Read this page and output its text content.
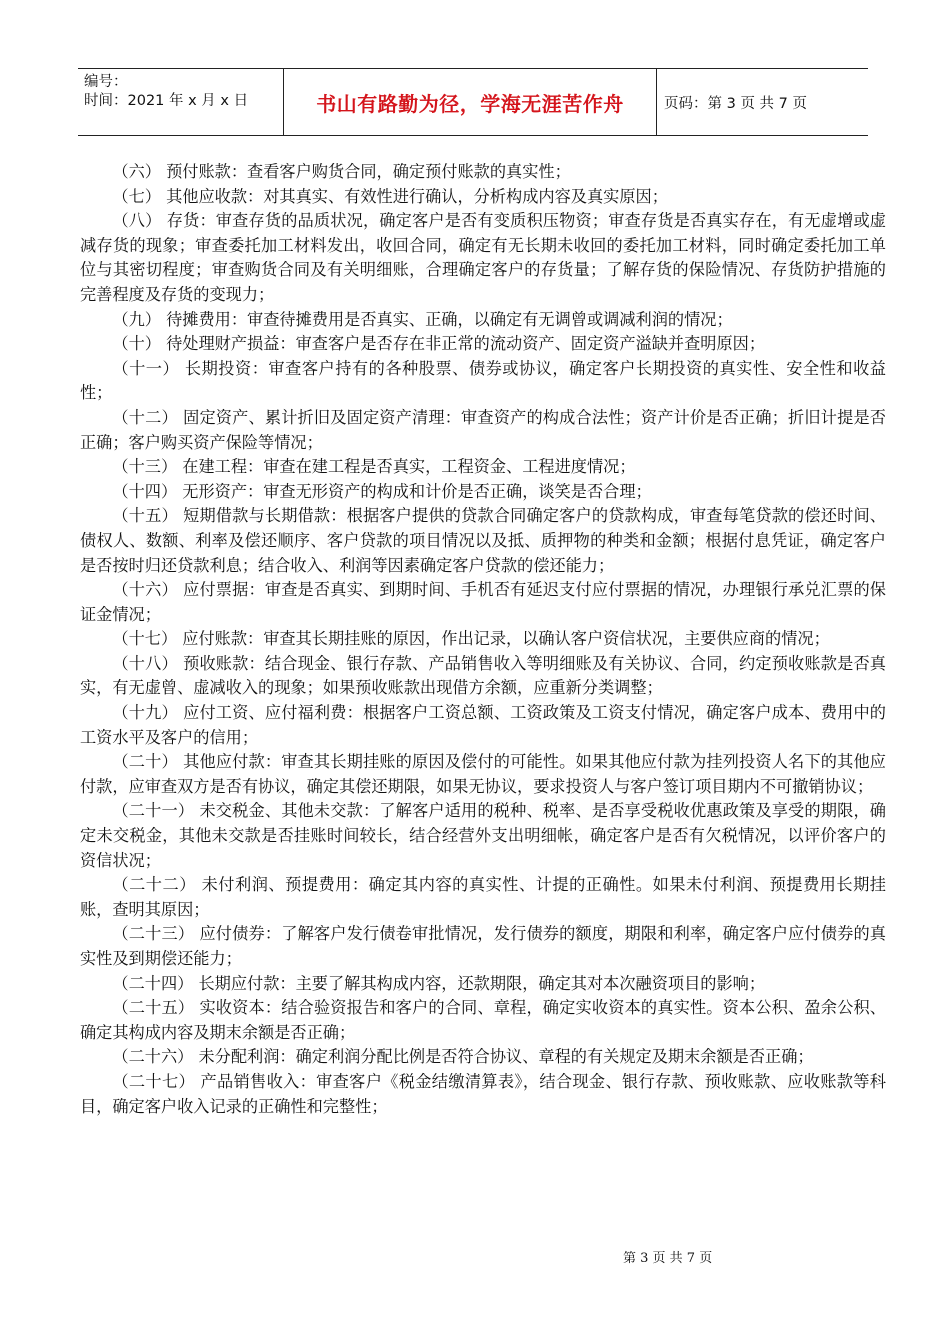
编号：
时间：2021 年 x 月 x 日	书山有路勤为径，学海无涯苦作舟	页码：第 3 页 共 7 页

（六） 预付账款：查看客户购货合同，确定预付账款的真实性；

（七） 其他应收款：对其真实、有效性进行确认，分析构成内容及真实原因；

（八） 存货：审查存货的品质状况，确定客户是否有变质积压物资；审查存货是否真实存在，有无虚增或虚减存货的现象；审查委托加工材料发出，收回合同，确定有无长期未收回的委托加工材料，同时确定委托加工单位与其密切程度；审查购货合同及有关明细账，合理确定客户的存货量；了解存货的保险情况、存货防护措施的完善程度及存货的变现力；

（九） 待摊费用：审查待摊费用是否真实、正确，以确定有无调曾或调减利润的情况；

（十） 待处理财产损益：审查客户是否存在非正常的流动资产、固定资产溢缺并查明原因；

（十一） 长期投资：审查客户持有的各种股票、债券或协议，确定客户长期投资的真实性、安全性和收益性；

（十二） 固定资产、累计折旧及固定资产清理：审查资产的构成合法性；资产计价是否正确；折旧计提是否正确；客户购买资产保险等情况；

（十三） 在建工程：审查在建工程是否真实，工程资金、工程进度情况；

（十四） 无形资产：审查无形资产的构成和计价是否正确，谈笑是否合理；

（十五） 短期借款与长期借款：根据客户提供的贷款合同确定客户的贷款构成，审查每笔贷款的偿还时间、债权人、数额、利率及偿还顺序、客户贷款的项目情况以及抵、质押物的种类和金额；根据付息凭证，确定客户是否按时归还贷款利息；结合收入、利润等因素确定客户贷款的偿还能力；

（十六） 应付票据：审查是否真实、到期时间、手机否有延迟支付应付票据的情况，办理银行承兑汇票的保证金情况；

（十七） 应付账款：审查其长期挂账的原因，作出记录，以确认客户资信状况，主要供应商的情况；

（十八） 预收账款：结合现金、银行存款、产品销售收入等明细账及有关协议、合同，约定预收账款是否真实，有无虚曾、虚减收入的现象；如果预收账款出现借方余额，应重新分类调整；

（十九） 应付工资、应付福利费：根据客户工资总额、工资政策及工资支付情况，确定客户成本、费用中的工资水平及客户的信用；

（二十） 其他应付款：审查其长期挂账的原因及偿付的可能性。如果其他应付款为挂列投资人名下的其他应付款，应审查双方是否有协议，确定其偿还期限，如果无协议，要求投资人与客户签订项目期内不可撤销协议；

（二十一） 未交税金、其他未交款：了解客户适用的税种、税率、是否享受税收优惠政策及享受的期限，确定未交税金，其他未交款是否挂账时间较长，结合经营外支出明细帐，确定客户是否有欠税情况，以评价客户的资信状况；

（二十二） 未付利润、预提费用：确定其内容的真实性、计提的正确性。如果未付利润、预提费用长期挂账，查明其原因；

（二十三） 应付债券：了解客户发行债卷审批情况，发行债券的额度，期限和利率，确定客户应付债券的真实性及到期偿还能力；

（二十四） 长期应付款：主要了解其构成内容，还款期限，确定其对本次融资项目的影响；

（二十五） 实收资本：结合验资报告和客户的合同、章程，确定实收资本的真实性。资本公积、盈余公积、确定其构成内容及期末余额是否正确；

（二十六） 未分配利润：确定利润分配比例是否符合协议、章程的有关规定及期末余额是否正确；

（二十七） 产品销售收入：审查客户《税金结缴清算表》，结合现金、银行存款、预收账款、应收账款等科目，确定客户收入记录的正确性和完整性；

第 3 页 共 7 页
